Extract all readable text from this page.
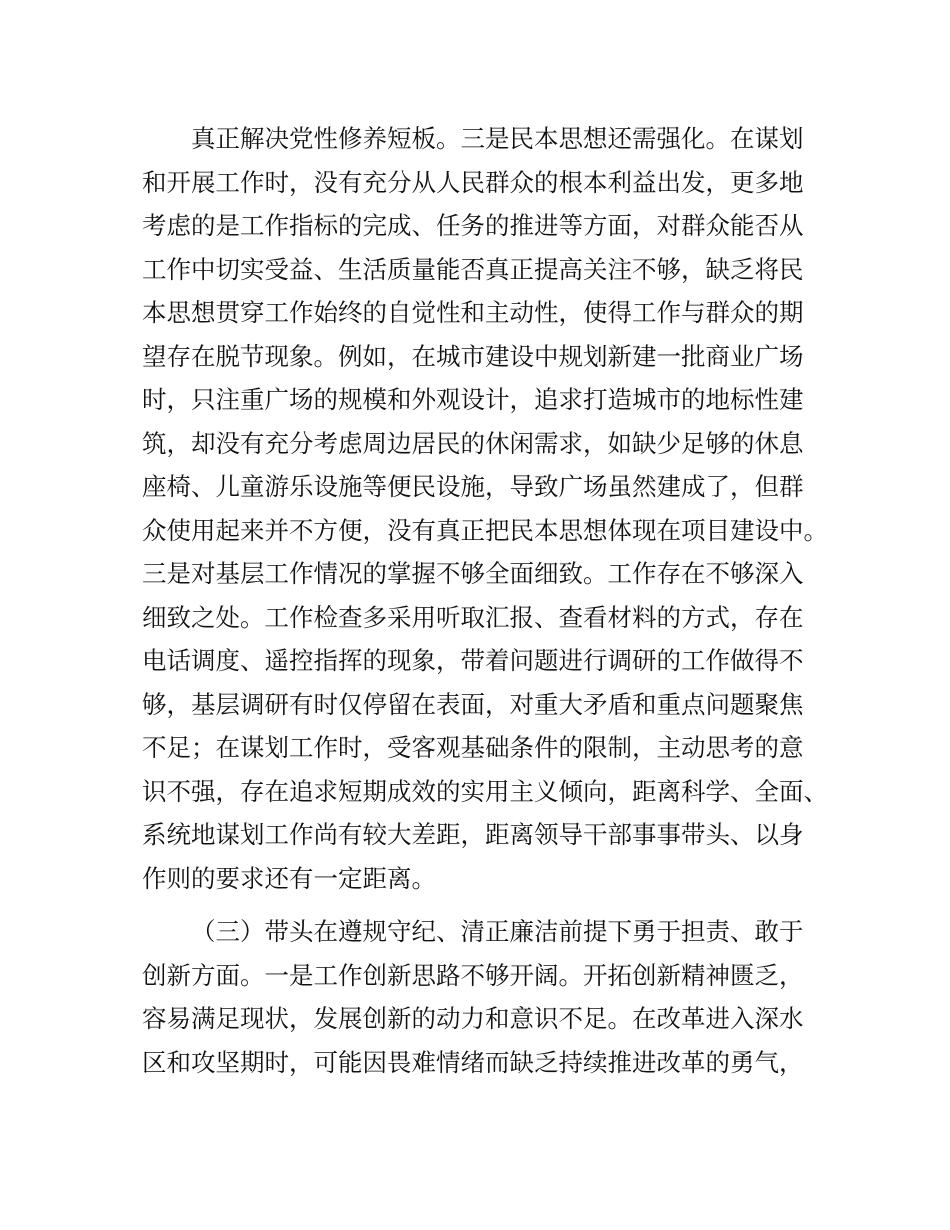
真正解决党性修养短板。三是民本思想还需强化。在谋划
和开展工作时，没有充分从人民群众的根本利益出发，更多地
考虑的是工作指标的完成、任务的推进等方面，对群众能否从
工作中切实受益、生活质量能否真正提高关注不够，缺乏将民
本思想贯穿工作始终的自觉性和主动性，使得工作与群众的期
望存在脱节现象。例如，在城市建设中规划新建一批商业广场
时，只注重广场的规模和外观设计，追求打造城市的地标性建
筑，却没有充分考虑周边居民的休闲需求，如缺少足够的休息
座椅、儿童游乐设施等便民设施，导致广场虽然建成了，但群
众使用起来并不方便，没有真正把民本思想体现在项目建设中。
三是对基层工作情况的掌握不够全面细致。工作存在不够深入
细致之处。工作检查多采用听取汇报、查看材料的方式，存在
电话调度、遥控指挥的现象，带着问题进行调研的工作做得不
够，基层调研有时仅停留在表面，对重大矛盾和重点问题聚焦
不足；在谋划工作时，受客观基础条件的限制，主动思考的意
识不强，存在追求短期成效的实用主义倾向，距离科学、全面、
系统地谋划工作尚有较大差距，距离领导干部事事带头、以身
作则的要求还有一定距离。
（三）带头在遵规守纪、清正廉洁前提下勇于担责、敢于
创新方面。一是工作创新思路不够开阔。开拓创新精神匮乏，
容易满足现状，发展创新的动力和意识不足。在改革进入深水
区和攻坚期时，可能因畏难情绪而缺乏持续推进改革的勇气，
